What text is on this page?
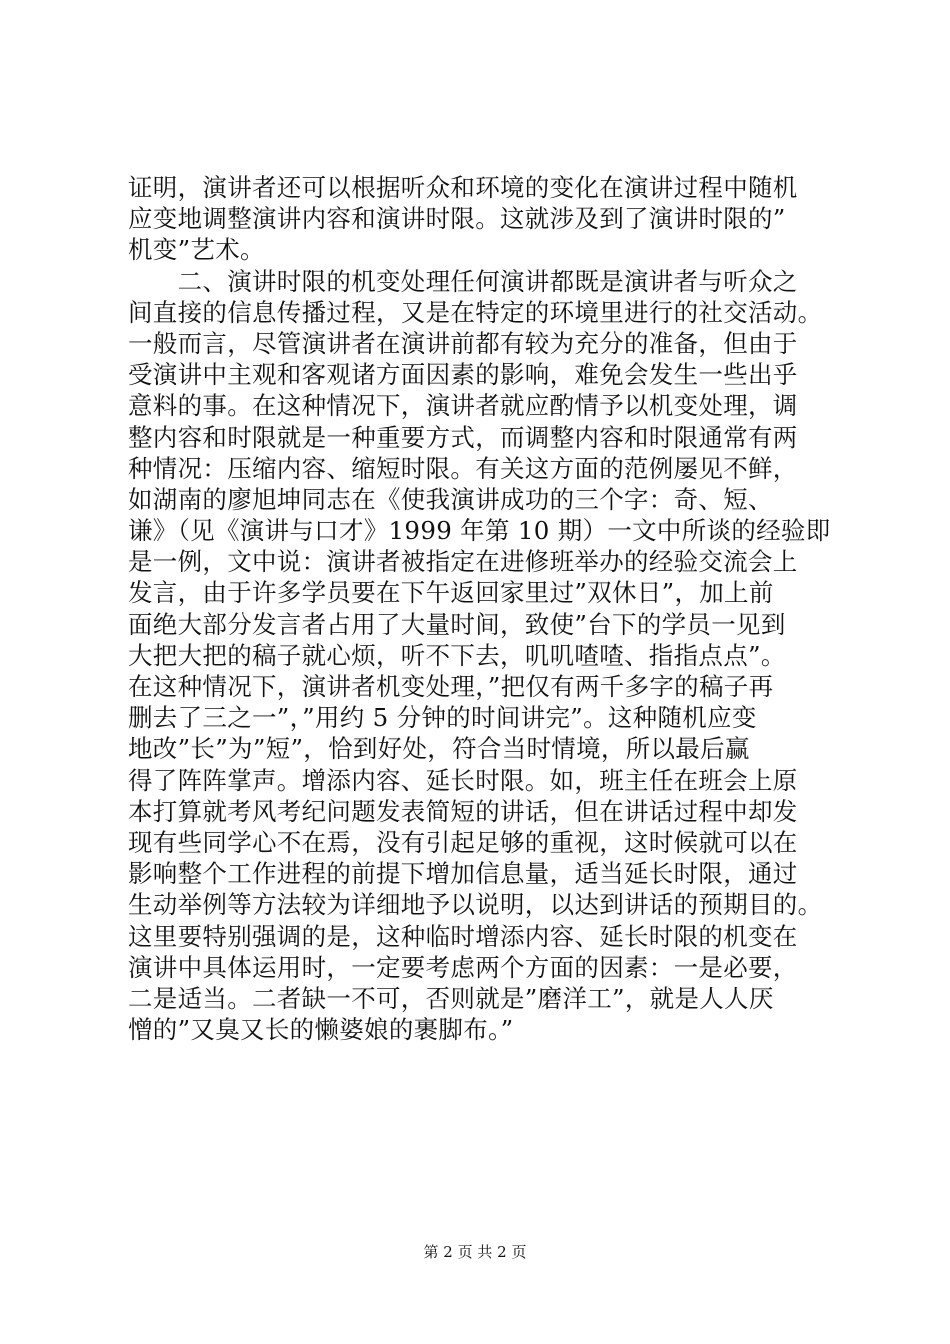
证明，演讲者还可以根据听众和环境的变化在演讲过程中随机
应变地调整演讲内容和演讲时限。这就涉及到了演讲时限的”
机变”艺术。
　　二、演讲时限的机变处理任何演讲都既是演讲者与听众之
间直接的信息传播过程，又是在特定的环境里进行的社交活动。
一般而言，尽管演讲者在演讲前都有较为充分的准备，但由于
受演讲中主观和客观诸方面因素的影响，难免会发生一些出乎
意料的事。在这种情况下，演讲者就应酌情予以机变处理，调
整内容和时限就是一种重要方式，而调整内容和时限通常有两
种情况：压缩内容、缩短时限。有关这方面的范例屡见不鲜，
如湖南的廖旭坤同志在《使我演讲成功的三个字：奇、短、
谦》（见《演讲与口才》1999 年第 10 期）一文中所谈的经验即
是一例，文中说：演讲者被指定在进修班举办的经验交流会上
发言，由于许多学员要在下午返回家里过”双休日”，加上前
面绝大部分发言者占用了大量时间，致使”台下的学员一见到
大把大把的稿子就心烦，听不下去，叽叽喳喳、指指点点”。
在这种情况下，演讲者机变处理，”把仅有两千多字的稿子再
删去了三之一”，”用约 5 分钟的时间讲完”。这种随机应变
地改”长”为”短”，恰到好处，符合当时情境，所以最后赢
得了阵阵掌声。增添内容、延长时限。如，班主任在班会上原
本打算就考风考纪问题发表简短的讲话，但在讲话过程中却发
现有些同学心不在焉，没有引起足够的重视，这时候就可以在
影响整个工作进程的前提下增加信息量，适当延长时限，通过
生动举例等方法较为详细地予以说明，以达到讲话的预期目的。
这里要特别强调的是，这种临时增添内容、延长时限的机变在
演讲中具体运用时，一定要考虑两个方面的因素：一是必要，
二是适当。二者缺一不可，否则就是”磨洋工”，就是人人厌
憎的”又臭又长的懒婆娘的裹脚布。”
第 2 页 共 2 页
